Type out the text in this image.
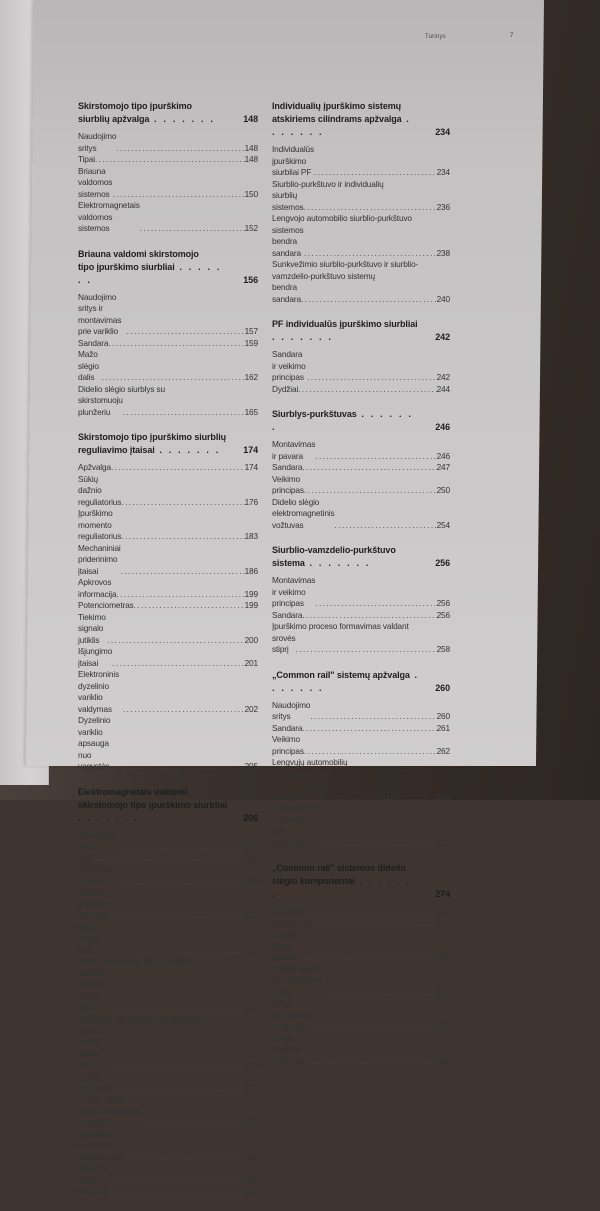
Turinys	7
Skirstomojo tipo įpurškimo
siurblių apžvalga . . . . . . .	148
Naudojimo sritys .....	148
Tipai .....	148
Briauna valdomos sistemos .....	150
Elektromagnetais valdomos sistemos .....	152
Briauna valdomi skirstomojo
tipo įpurškimo siurbliai . . . . . . .	156
Naudojimo sritys ir montavimas prie variklio .....	157
Sandara .....	159
Mažo slėgio dalis .....	162
Didelio slėgio siurblys su
skirstomuoju plunžeriu .....	165
Skirstomojo tipo įpurškimo siurblių
reguliavimo įtaisai . . . . . . .	174
Apžvalga .....	174
Sūkių dažnio reguliatorius .....	176
Įpurškimo momento reguliatorius .....	183
Mechaniniai priderinimo įtaisai .....	186
Apkrovos informacija .....	199
Potenciometras .....	199
Tiekimo signalo jutiklis .....	200
Išjungimo įtaisai .....	201
Elektroninis dyzelinio variklio valdymas .....	202
Dyzelinio variklio apsauga nuo vagystės .....	205
Elektromagnetais valdomi
skirstomojo tipo įpurškimo siurbliai . . . . . . .	206
Naudojimo sritys .....	206
Tipai .....	206
Tvirtinimas ir pavara .....	208
Sandara ir veikimo principas .....	210
Mažo slėgio dalis .....	212
Ašinio skirstomojo tipo įpurškimo
siurblio didelio slėgio dalis .....	214
Radialinio skirstomojo tipo įpurškimo
siurblio didelio slėgio dalis .....	218
Slėgio vožtuvai .....	222
Didelio slėgio elektromagnetinis vožtuvas .....	224
Įpurškimo momento reguliavimas .....	226
Valdymo blokas .....	232
Reziumė .....	233
Individualių įpurškimo sistemų
atskiriems cilindrams apžvalga . . . . . . .	234
Individualūs įpurškimo siurbliai PF .....	234
Siurblio-purkštuvo ir individualių
siurblių sistemos .....	236
Lengvojo automobilio siurblio-purkštuvo
sistemos bendra sandara .....	238
Sunkvežimio siurblio-purkštuvo ir siurblio-
vamzdelio-purkštuvo sistemų
bendra sandara .....	240
PF individualūs įpurškimo siurbliai . . . . . . .	242
Sandara ir veikimo principas .....	242
Dydžiai .....	244
Siurblys-purkštuvas . . . . . . .	246
Montavimas ir pavara .....	246
Sandara .....	247
Veikimo principas .....	250
Didelio slėgio elektromagnetinis vožtuvas .....	254
Siurblio-vamzdelio-purkštuvo sistema . . . . . . .	256
Montavimas ir veikimo principas .....	256
Sandara .....	256
Įpurškimo proceso formavimas valdant
srovės stiprį .....	258
„Common rail" sistemų apžvalga . . . . . . .	260
Naudojimo sritys .....	260
Sandara .....	261
Veikimo principas .....	262
Lengvųjų automobilių
„common rail" sistemos .....	266
Sunkvežimių „common rail" sistemos .....	271
„Common rail" sistemos didelio
slėgio komponentai . . . . . . .	274
Apžvalga .....	274
Purkštuvas .....	276
Didelio slėgio siurbliai .....	286
Didelio slėgio akumuliatorius (Rail) .....	292
Slėgio reguliavimo vožtuvas .....	294
Slėgio ribojimo vožtuvas .....	295
